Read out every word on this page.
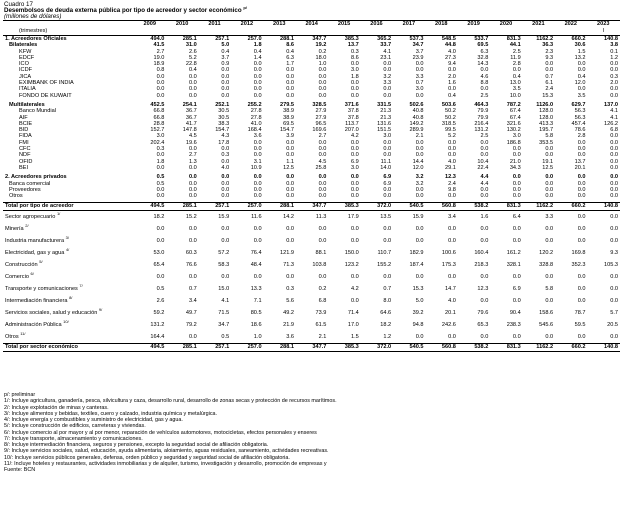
Cuadro 17
Desembolsos de deuda externa pública por tipo de acreedor y sector económico $^{p/}$
(millones de dólares)
	2009	2010	2011	2012	2013	2014	2015	2016	2017	2018	2019	2020	2021	2022	2023
(trimestres)															I
1. Acreedores Oficiales	494.0	285.1	257.1	257.0	288.1	347.7	385.3	365.2	537.3	548.5	533.7	831.3	1162.2	660.2	140.8
Bilaterales	41.5	31.0	5.0	1.8	8.6	19.2	13.7	33.7	34.7	44.8	69.5	44.1	36.3	30.6	3.8
KFW	2.7	2.6	0.4	0.4	0.4	0.2	0.3	4.1	3.7	4.0	6.3	2.5	2.3	1.5	0.1
EDCF	19.0	5.2	3.7	1.4	6.3	18.0	8.6	23.1	23.9	27.3	32.8	11.9	9.3	13.2	1.2
ICO	18.9	22.8	0.9	0.0	1.7	1.0	0.0	0.0	0.0	9.4	14.3	2.8	0.0	0.0	0.0
ICDF	0.8	0.4	0.0	0.0	0.0	0.0	3.0	0.0	0.0	0.0	0.0	0.0	0.0	0.0	0.0
JICA	0.0	0.0	0.0	0.0	0.0	0.0	1.8	3.2	3.3	2.0	4.6	0.4	0.7	0.4	0.3
EXIMBANK OF INDIA	0.0	0.0	0.0	0.0	0.0	0.0	0.0	3.3	0.7	1.6	8.8	13.0	6.1	12.0	2.0
ITALIA	0.0	0.0	0.0	0.0	0.0	0.0	0.0	0.0	3.0	0.0	0.0	3.5	2.4	0.0	0.0
FONDO DE KUWAIT	0.0	0.0	0.0	0.0	0.0	0.0	0.0	0.0	0.0	0.4	2.5	10.0	15.3	3.5	0.0

Multilaterales	452.5	254.1	252.1	255.2	279.5	328.5	371.6	331.5	502.6	503.6	464.3	787.2	1126.0	629.7	137.0
Banco Mundial	66.8	36.7	30.5	27.8	38.9	27.9	37.8	21.3	40.8	50.2	79.9	67.4	128.0	56.3	4.1
AIF	66.8	36.7	30.5	27.8	38.9	27.9	37.8	21.3	40.8	50.2	79.9	67.4	128.0	56.3	4.1
BCIE	28.8	41.7	38.3	41.0	69.5	96.5	113.7	131.6	149.2	318.5	216.4	321.6	413.3	457.4	126.2
BID	152.7	147.8	154.7	168.4	154.7	169.6	207.0	151.5	289.9	99.5	131.2	130.2	195.7	78.6	6.8
FIDA	3.0	4.5	4.3	3.6	3.9	2.7	4.2	3.0	2.1	5.2	2.5	3.0	5.8	2.8	0.0
FMI	202.4	19.6	17.8	0.0	0.0	0.0	0.0	0.0	0.0	0.0	0.0	186.8	353.5	0.0	0.0
CFC	0.3	0.0	0.0	0.0	0.0	0.0	0.0	0.0	0.0	0.0	0.0	0.0	0.0	0.0	0.0
NDF	0.0	2.7	0.3	0.0	0.0	0.0	0.0	0.0	0.0	0.0	0.0	0.0	0.0	0.0	0.0
OFID	1.8	1.3	0.0	3.1	1.1	4.5	6.9	11.1	14.4	4.0	10.4	21.0	19.1	13.7	0.0
BEI	0.0	0.0	4.0	10.9	12.5	25.8	3.0	14.0	12.0	29.1	22.4	34.3	12.5	20.1	0.0

2. Acreedores privados	0.5	0.0	0.0	0.0	0.0	0.0	0.0	6.9	3.2	12.3	4.4	0.0	0.0	0.0	0.0
Banca comercial	0.5	0.0	0.0	0.0	0.0	0.0	0.0	6.9	3.2	2.4	4.4	0.0	0.0	0.0	0.0
Proveedores	0.0	0.0	0.0	0.0	0.0	0.0	0.0	0.0	0.0	9.8	0.0	0.0	0.0	0.0	0.0
Otros	0.0	0.0	0.0	0.0	0.0	0.0	0.0	0.0	0.0	0.0	0.0	0.0	0.0	0.0	0.0

Total por tipo de acreedor	494.5	285.1	257.1	257.0	288.1	347.7	385.3	372.0	540.5	560.8	538.2	831.3	1162.2	660.2	140.8
Sector agropecuario $^{1/}$	18.2	15.2	15.9	11.6	14.2	11.3	17.9	13.5	15.9	3.4	1.6	6.4	3.3	0.0	0.0
Minería $^{2/}$	0.0	0.0	0.0	0.0	0.0	0.0	0.0	0.0	0.0	0.0	0.0	0.0	0.0	0.0	0.0
Industria manufacturera $^{3/}$	0.0	0.0	0.0	0.0	0.0	0.0	0.0	0.0	0.0	0.0	0.0	0.0	0.0	0.0	0.0
Electricidad, gas y agua $^{4/}$	53.0	60.3	57.2	76.4	121.9	88.1	150.0	110.7	182.9	100.6	160.4	161.2	120.2	169.8	9.3
Construcción $^{5/}$	65.4	76.6	58.3	48.4	71.3	103.8	123.2	155.2	187.4	175.3	218.3	328.1	328.8	352.3	105.3
Comercio $^{6/}$	0.0	0.0	0.0	0.0	0.0	0.0	0.0	0.0	0.0	0.0	0.0	0.0	0.0	0.0	0.0
Transporte y comunicaciones $^{7/}$	0.5	0.7	15.0	13.3	0.3	0.2	4.2	0.7	15.3	14.7	12.3	6.9	5.8	0.0	0.0
Intermediación financiera $^{8/}$	2.6	3.4	4.1	7.1	5.6	6.8	0.0	8.0	5.0	4.0	0.0	0.0	0.0	0.0	0.0
Servicios sociales, salud y educación $^{9/}$	59.2	49.7	71.5	80.5	49.2	73.9	71.4	64.6	39.2	20.1	79.6	90.4	158.6	78.7	5.7
Administración Pública $^{10/}$	131.2	79.2	34.7	18.6	21.9	61.5	17.0	18.2	94.8	242.6	65.3	238.3	545.6	59.5	20.5
Otros $^{11/}$	164.4	0.0	0.5	1.0	3.6	2.1	1.5	1.2	0.0	0.0	0.0	0.0	0.0	0.0	0.0
Total por sector económico	494.5	285.1	257.1	257.0	288.1	347.7	385.3	372.0	540.5	560.8	538.2	831.3	1162.2	660.2	140.8
p/: preliminar
1/: Incluye agricultura, ganadería, pesca, silvicultura y caza, desarrollo rural, desarrollo de zonas secas y protección de recursos marítimos.
2/: Incluye explotación de minas y canteras.
3/: Incluye alimentos y bebidas, textiles, cuero y calzado, industria química y metalúrgica.
4/: Incluye energía y combustibles y suministro de electricidad, gas y agua.
5/: Incluye construcción de edificios, carreteras y viviendas.
6/: Incluye comercio al por mayor y al por menor, reparación de vehículos automotores, motocicletas, efectos personales y enseres
7/: Incluye transporte, almacenamiento y comunicaciones.
8/: Incluye intermediación financiera, seguros y pensiones, excepto la seguridad social de afiliación obligatoria.
9/: Incluye servicios sociales, salud, educación, ayuda alimentaria, aloiamiento, aguas residuales, saneamiento, actividades recreativas.
10/: Incluye servicios públicos generales, defensa, orden público y seguridad y seguridad social de afiliación obligatoria.
11/: Incluye hoteles y restaurantes, actividades inmobiliarias y de alquiler, turismo, investigación y desarrollo, promoción de empresas y
Fuente: BCN
